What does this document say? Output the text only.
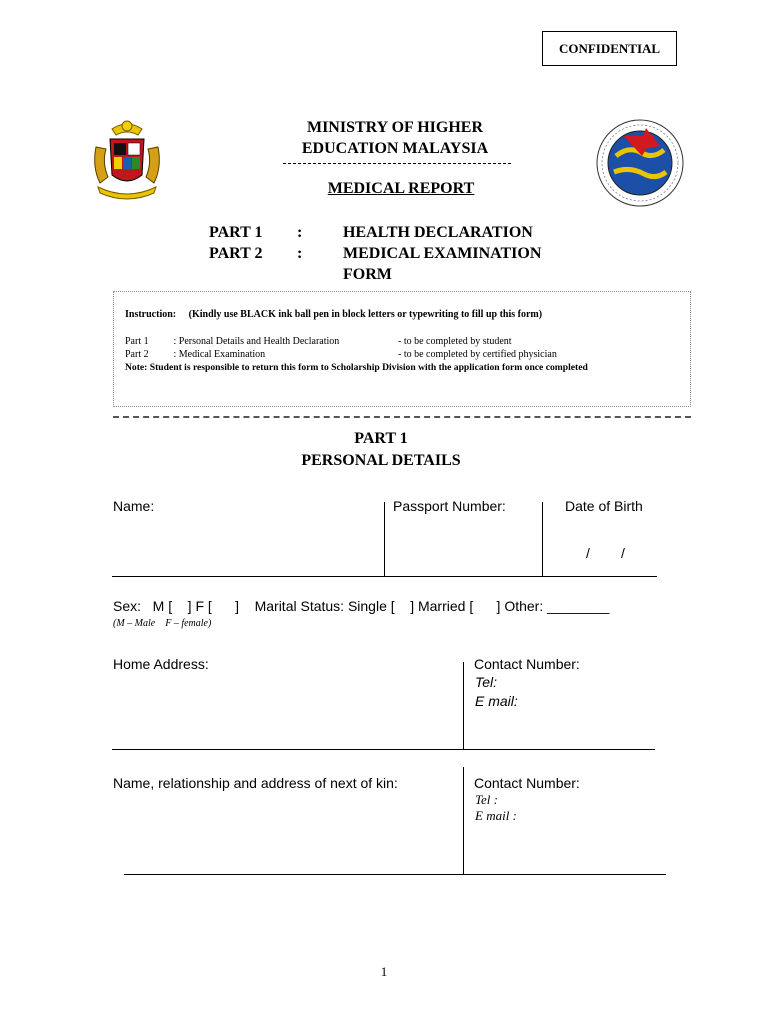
CONFIDENTIAL
MINISTRY OF HIGHER
EDUCATION MALAYSIA
MEDICAL REPORT
PART 1	:	HEALTH DECLARATION
PART 2	:	MEDICAL EXAMINATION
FORM
Instruction: (Kindly use BLACK ink ball pen in block letters or typewriting to fill up this form)
Part 1 : Personal Details and Health Declaration	- to be completed by student
Part 2 : Medical Examination	- to be completed by certified physician
Note: Student is responsible to return this form to Scholarship Division with the application form once completed
PART 1
PERSONAL DETAILS
Name:	Passport Number:	Date of Birth
/        /
Sex:   M [    ] F [      ]    Marital Status: Single [    ] Married [      ] Other: ________
(M – Male    F – female)
Home Address:	Contact Number:
Tel:
E mail:
Name, relationship and address of next of kin:	Contact Number:
Tel :
E mail :
1
